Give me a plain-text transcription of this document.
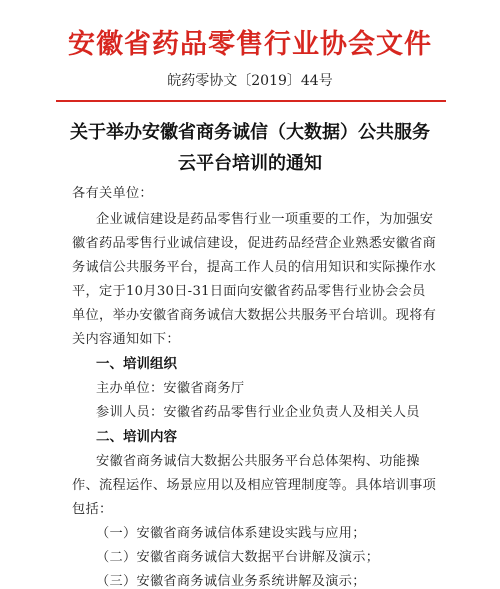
安徽省药品零售行业协会文件
皖药零协文〔2019〕44号
关于举办安徽省商务诚信（大数据）公共服务
云平台培训的通知
各有关单位：
企业诚信建设是药品零售行业一项重要的工作，为加强安
徽省药品零售行业诚信建设，促进药品经营企业熟悉安徽省商
务诚信公共服务平台，提高工作人员的信用知识和实际操作水
平，定于10月30日-31日面向安徽省药品零售行业协会会员
单位，举办安徽省商务诚信大数据公共服务平台培训。现将有
关内容通知如下：
一、培训组织
主办单位：安徽省商务厅
参训人员：安徽省药品零售行业企业负责人及相关人员
二、培训内容
安徽省商务诚信大数据公共服务平台总体架构、功能操
作、流程运作、场景应用以及相应管理制度等。具体培训事项
包括：
（一）安徽省商务诚信体系建设实践与应用；
（二）安徽省商务诚信大数据平台讲解及演示；
（三）安徽省商务诚信业务系统讲解及演示；
